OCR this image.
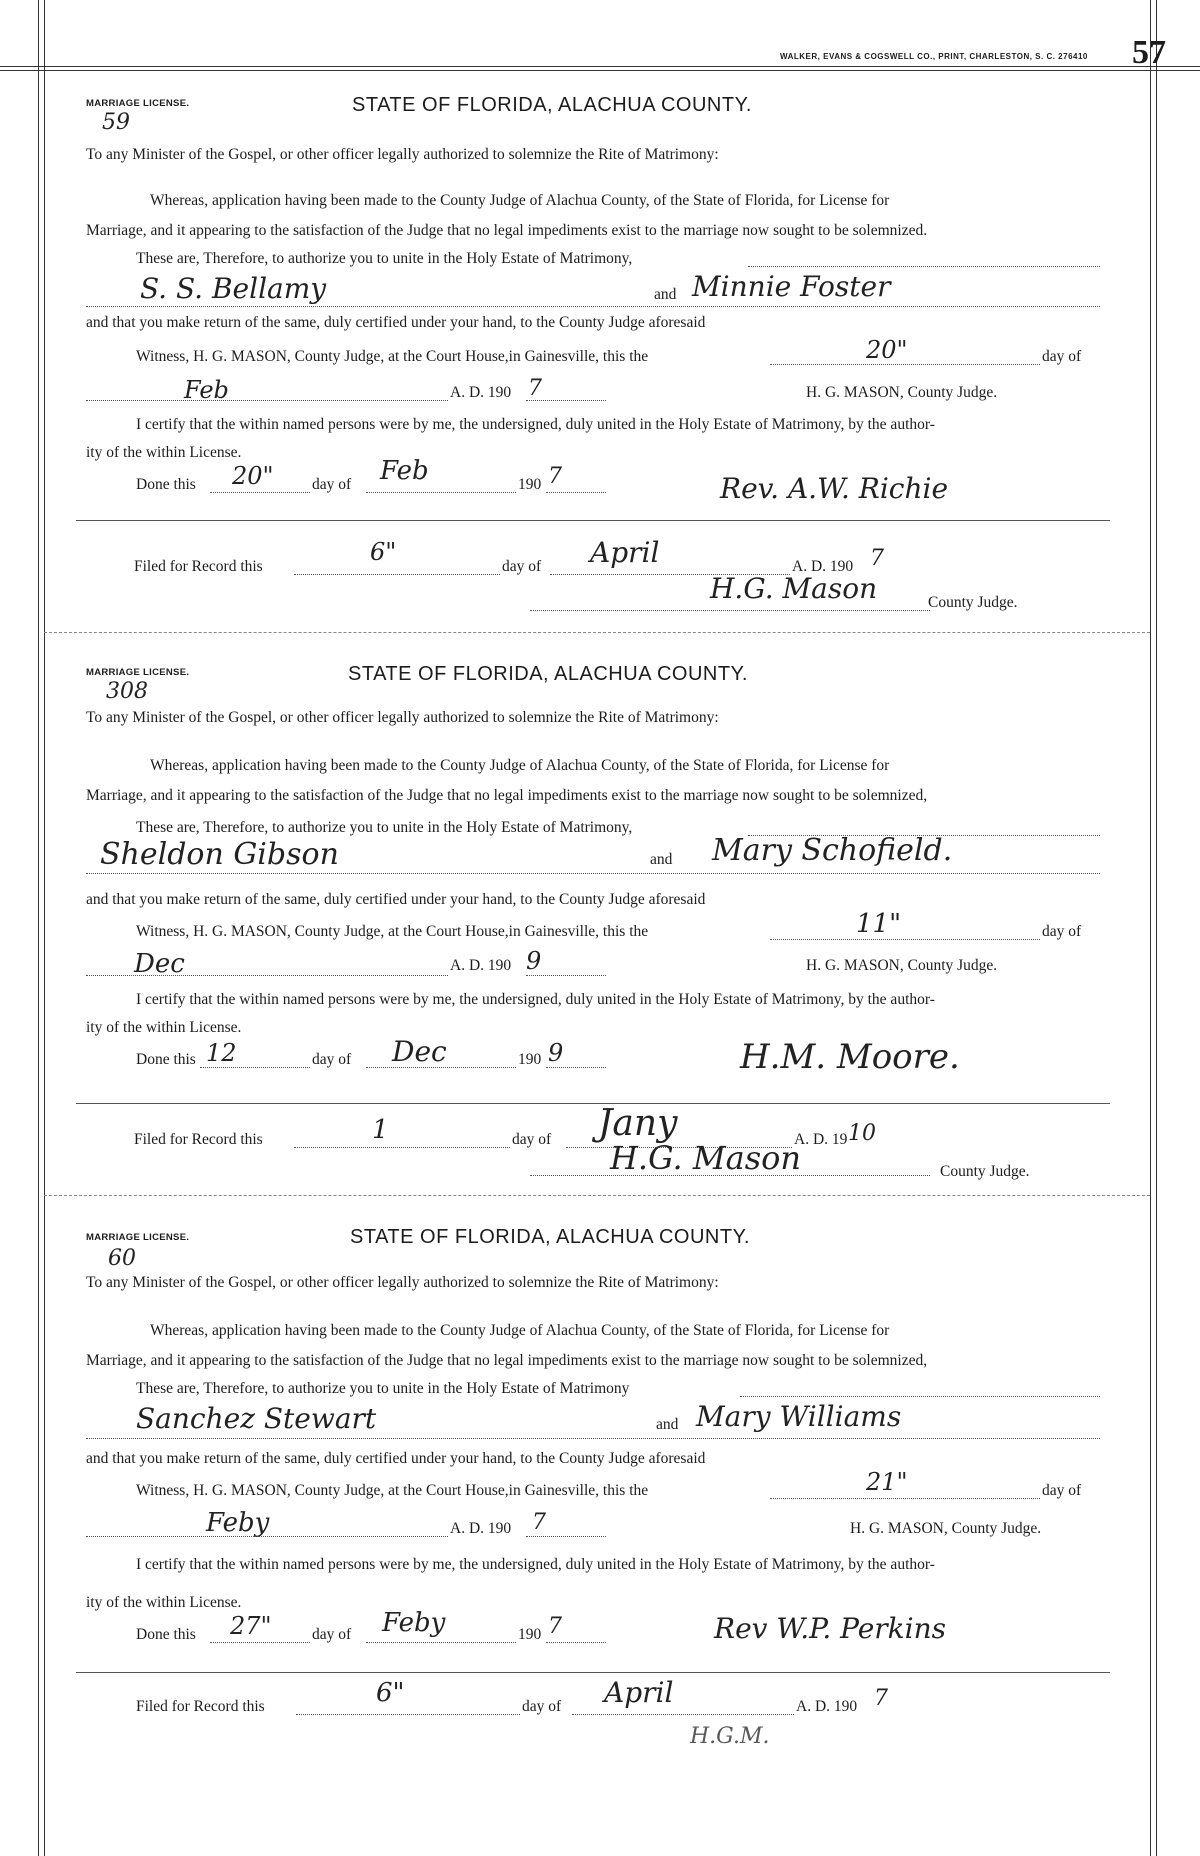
WALKER, EVANS & COGSWELL CO., PRINT, CHARLESTON, S. C. 276410 57
MARRIAGE LICENSE.
59
STATE OF FLORIDA, ALACHUA COUNTY.
To any Minister of the Gospel, or other officer legally authorized to solemnize the Rite of Matrimony:
Whereas, application having been made to the County Judge of Alachua County, of the State of Florida, for License for
Marriage, and it appearing to the satisfaction of the Judge that no legal impediments exist to the marriage now sought to be solemnized.
These are, Therefore, to authorize you to unite in the Holy Estate of Matrimony,
S. S. Bellamy	and Minnie Foster
and that you make return of the same, duly certified under your hand, to the County Judge aforesaid
Witness, H. G. MASON, County Judge, at the Court House,in Gainesville, this the	20"	day of
Feb	A. D. 190 7	H. G. MASON, County Judge.
I certify that the within named persons were by me, the undersigned, duly united in the Holy Estate of Matrimony, by the author-
ity of the within License.
Done this 20" day of Feb	190 7	Rev. A.W. Richie
Filed for Record this
6"
day of April	A. D. 190 7
H.G. Mason	County Judge.
MARRIAGE LICENSE.
308
STATE OF FLORIDA, ALACHUA COUNTY.
To any Minister of the Gospel, or other officer legally authorized to solemnize the Rite of Matrimony:
Whereas, application having been made to the County Judge of Alachua County, of the State of Florida, for License for
Marriage, and it appearing to the satisfaction of the Judge that no legal impediments exist to the marriage now sought to be solemnized,
These are, Therefore, to authorize you to unite in the Holy Estate of Matrimony,
Sheldon Gibson	and Mary Schofield.
and that you make return of the same, duly certified under your hand, to the County Judge aforesaid
Witness, H. G. MASON, County Judge, at the Court House,in Gainesville, this the	11"	day of
Dec	A. D. 190 9	H. G. MASON, County Judge.
I certify that the within named persons were by me, the undersigned, duly united in the Holy Estate of Matrimony, by the author-
ity of the within License.
Done this 12	day of Dec	190 9	H.M. Moore.
Filed for Record this	1	day of Jany	A. D. 19 10
H.G. Mason	County Judge.
MARRIAGE LICENSE.
60
STATE OF FLORIDA, ALACHUA COUNTY.
To any Minister of the Gospel, or other officer legally authorized to solemnize the Rite of Matrimony:
Whereas, application having been made to the County Judge of Alachua County, of the State of Florida, for License for
Marriage, and it appearing to the satisfaction of the Judge that no legal impediments exist to the marriage now sought to be solemnized,
These are, Therefore, to authorize you to unite in the Holy Estate of Matrimony
Sanchez Stewart	and Mary Williams
and that you make return of the same, duly certified under your hand, to the County Judge aforesaid
Witness, H. G. MASON, County Judge, at the Court House,in Gainesville, this the	21"	day of
Feby	A. D. 190 7	H. G. MASON, County Judge.
I certify that the within named persons were by me, the undersigned, duly united in the Holy Estate of Matrimony, by the author-
ity of the within License.
Done this 27"	day of Feby	190 7	Rev W.P. Perkins
Filed for Record this	6"	day of April	A. D. 190 7
H.G.M.
